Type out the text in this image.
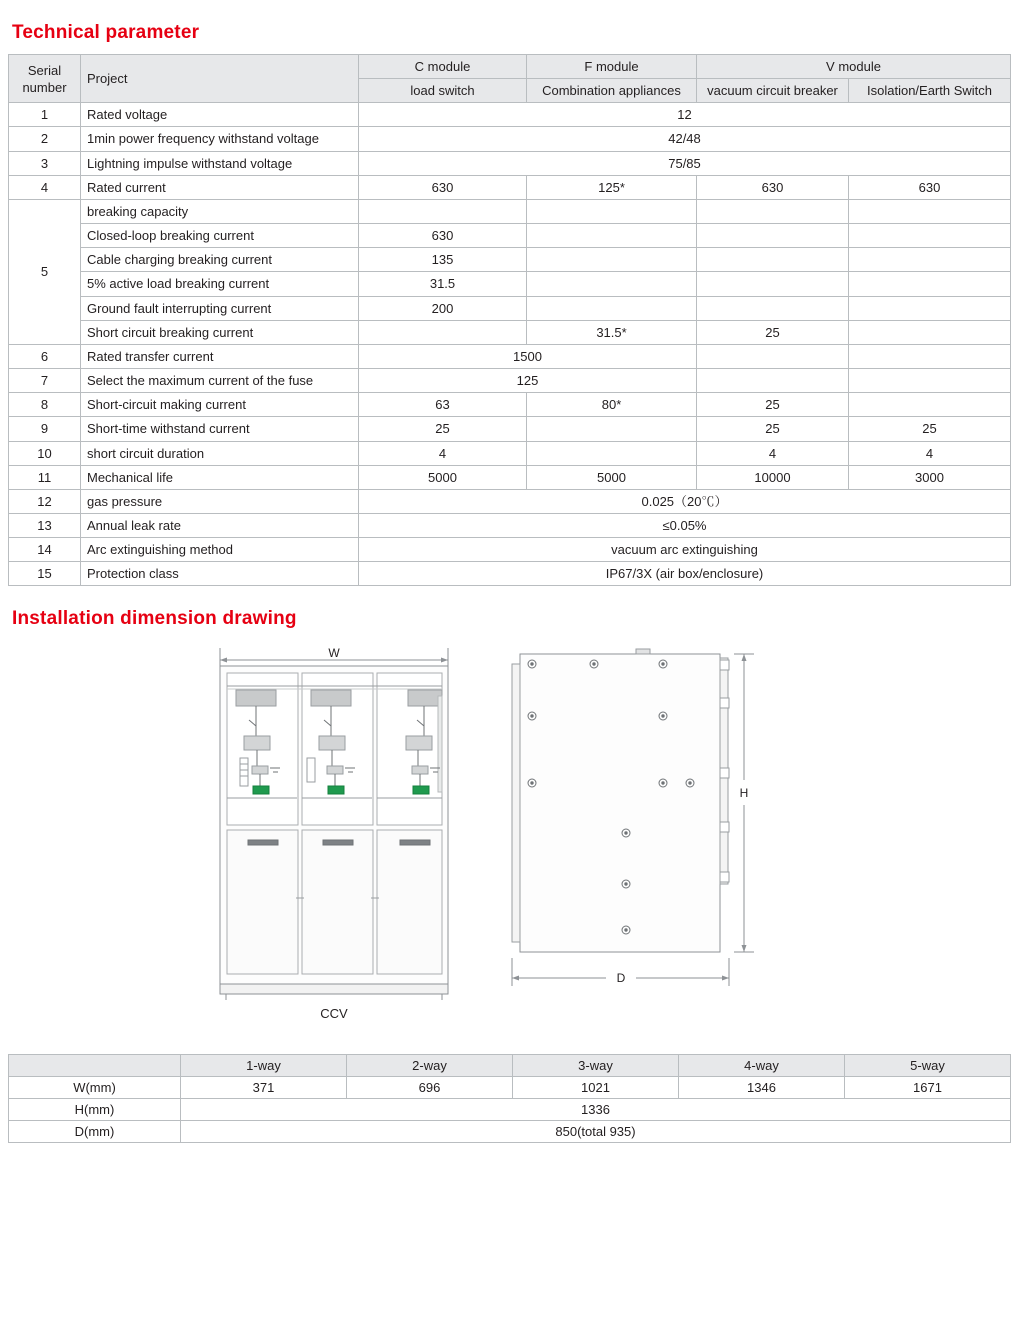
Technical parameter
Serial number	Project	C module	F module	V module	
		load switch	Combination appliances	vacuum circuit breaker	Isolation/Earth Switch
1	Rated voltage	12			
2	1min power frequency withstand voltage	42/48			
3	Lightning impulse withstand voltage	75/85			
4	Rated current	630	125*	630	630
5	breaking capacity				
	Closed-loop breaking current	630			
	Cable charging breaking current	135			
	5% active load breaking current	31.5			
	Ground fault interrupting current	200			
	Short circuit breaking current		31.5*	25	
6	Rated transfer current	1500			
7	Select the maximum current of the fuse	125			
8	Short-circuit making current	63	80*	25	
9	Short-time withstand current	25		25	25
10	short circuit duration	4		4	4
11	Mechanical life	5000	5000	10000	3000
12	gas pressure	0.025（20℃）			
13	Annual leak rate	≤0.05%			
14	Arc extinguishing method	vacuum arc extinguishing			
15	Protection class	IP67/3X (air box/enclosure)			
Installation dimension drawing
W
H
D
CCV
	1-way	2-way	3-way	4-way	5-way
W(mm)	371	696	1021	1346	1671
H(mm)	1336				
D(mm)	850(total 935)				
